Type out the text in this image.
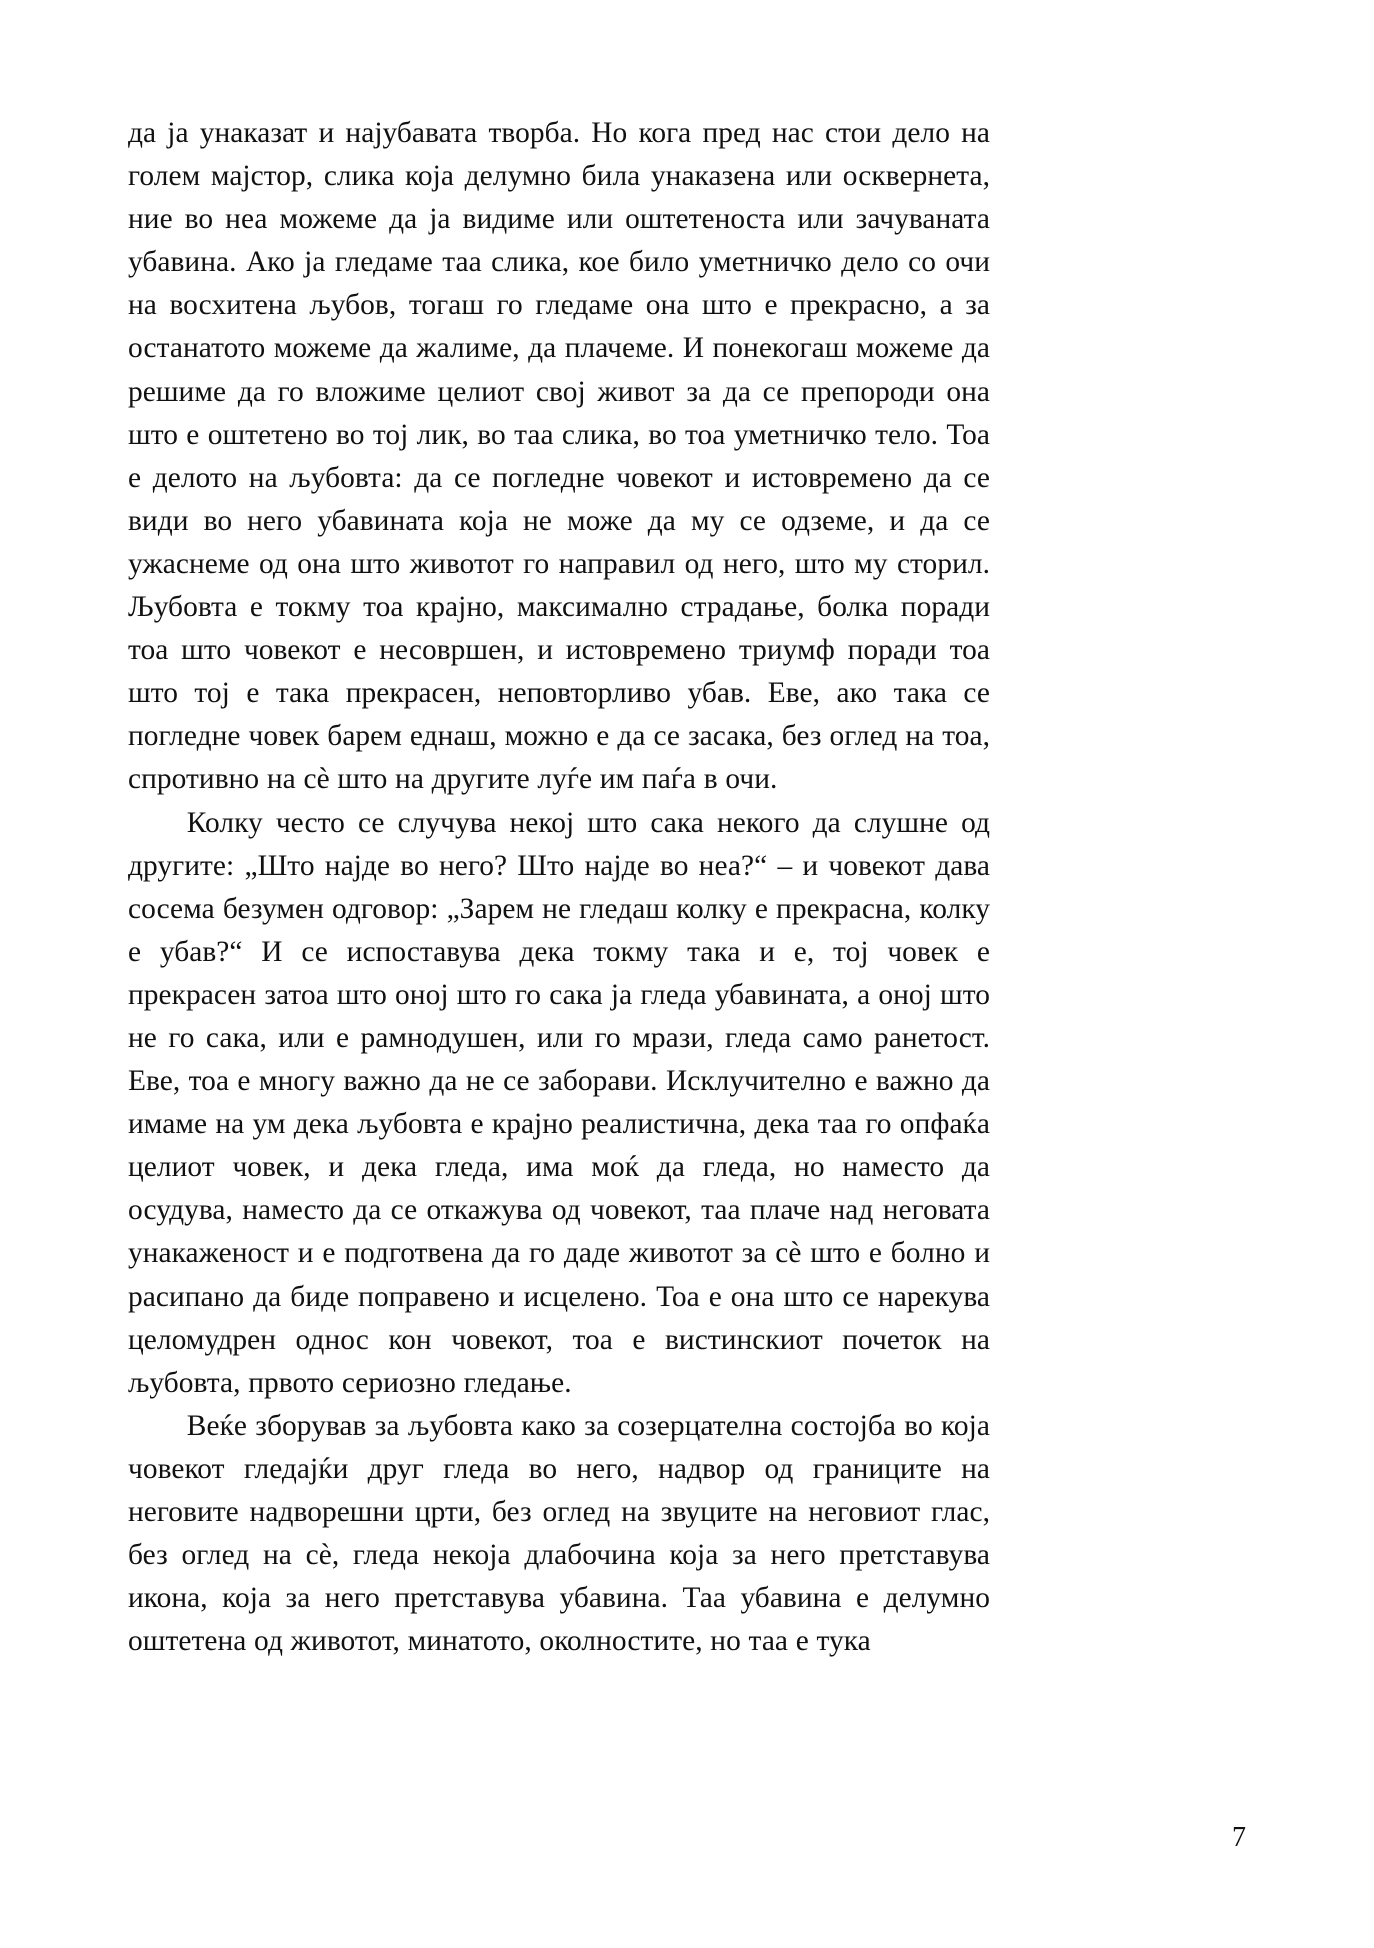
да ја унаказат и најубавата творба. Но кога пред нас стои дело на голем мајстор, слика која делумно била унаказена или осквернета, ние во неа можеме да ја видиме или оштетеноста или зачуваната убавина. Ако ја гледаме таа слика, кое било уметничко дело со очи на восхитена љубов, тогаш го гледаме она што е прекрасно, а за останатото можеме да жалиме, да плачеме. И понекогаш можеме да решиме да го вложиме целиот свој живот за да се препороди она што е оштетено во тој лик, во таа слика, во тоа уметничко тело. Тоа е делото на љубовта: да се погледне човекот и истовремено да се види во него убавината која не може да му се одземе, и да се ужаснеме од она што животот го направил од него, што му сторил. Љубовта е токму тоа крајно, максимално страдање, болка поради тоа што човекот е несовршен, и истовремено триумф поради тоа што тој е така прекрасен, неповторливо убав. Еве, ако така се погледне човек барем еднаш, можно е да се засака, без оглед на тоа, спротивно на сè што на другите луѓе им паѓа в очи.

Колку често се случува некој што сака некого да слушне од другите: „Што најде во него? Што најде во неа?“ – и човекот дава сосема безумен одговор: „Зарем не гледаш колку е прекрасна, колку е убав?“ И се испоставува дека токму така и е, тој човек е прекрасен затоа што оној што го сака ја гледа убавината, а оној што не го сака, или е рамнодушен, или го мрази, гледа само ранетост. Еве, тоа е многу важно да не се заборави. Исклучително е важно да имаме на ум дека љубовта е крајно реалистична, дека таа го опфаќа целиот човек, и дека гледа, има моќ да гледа, но наместо да осудува, наместо да се откажува од човекот, таа плаче над неговата унакаженост и е подготвена да го даде животот за сè што е болно и расипано да биде поправено и исцелено. Тоа е она што се нарекува целомудрен однос кон човекот, тоа е вистинскиот почеток на љубовта, првото сериозно гледање.

Веќе зборував за љубовта како за созерцателна состојба во која човекот гледајќи друг гледа во него, надвор од границите на неговите надворешни црти, без оглед на звуците на неговиот глас, без оглед на сè, гледа некоја длабочина која за него претставува икона, која за него претставува убавина. Таа убавина е делумно оштетена од животот, минатото, околностите, но таа е тука

7
